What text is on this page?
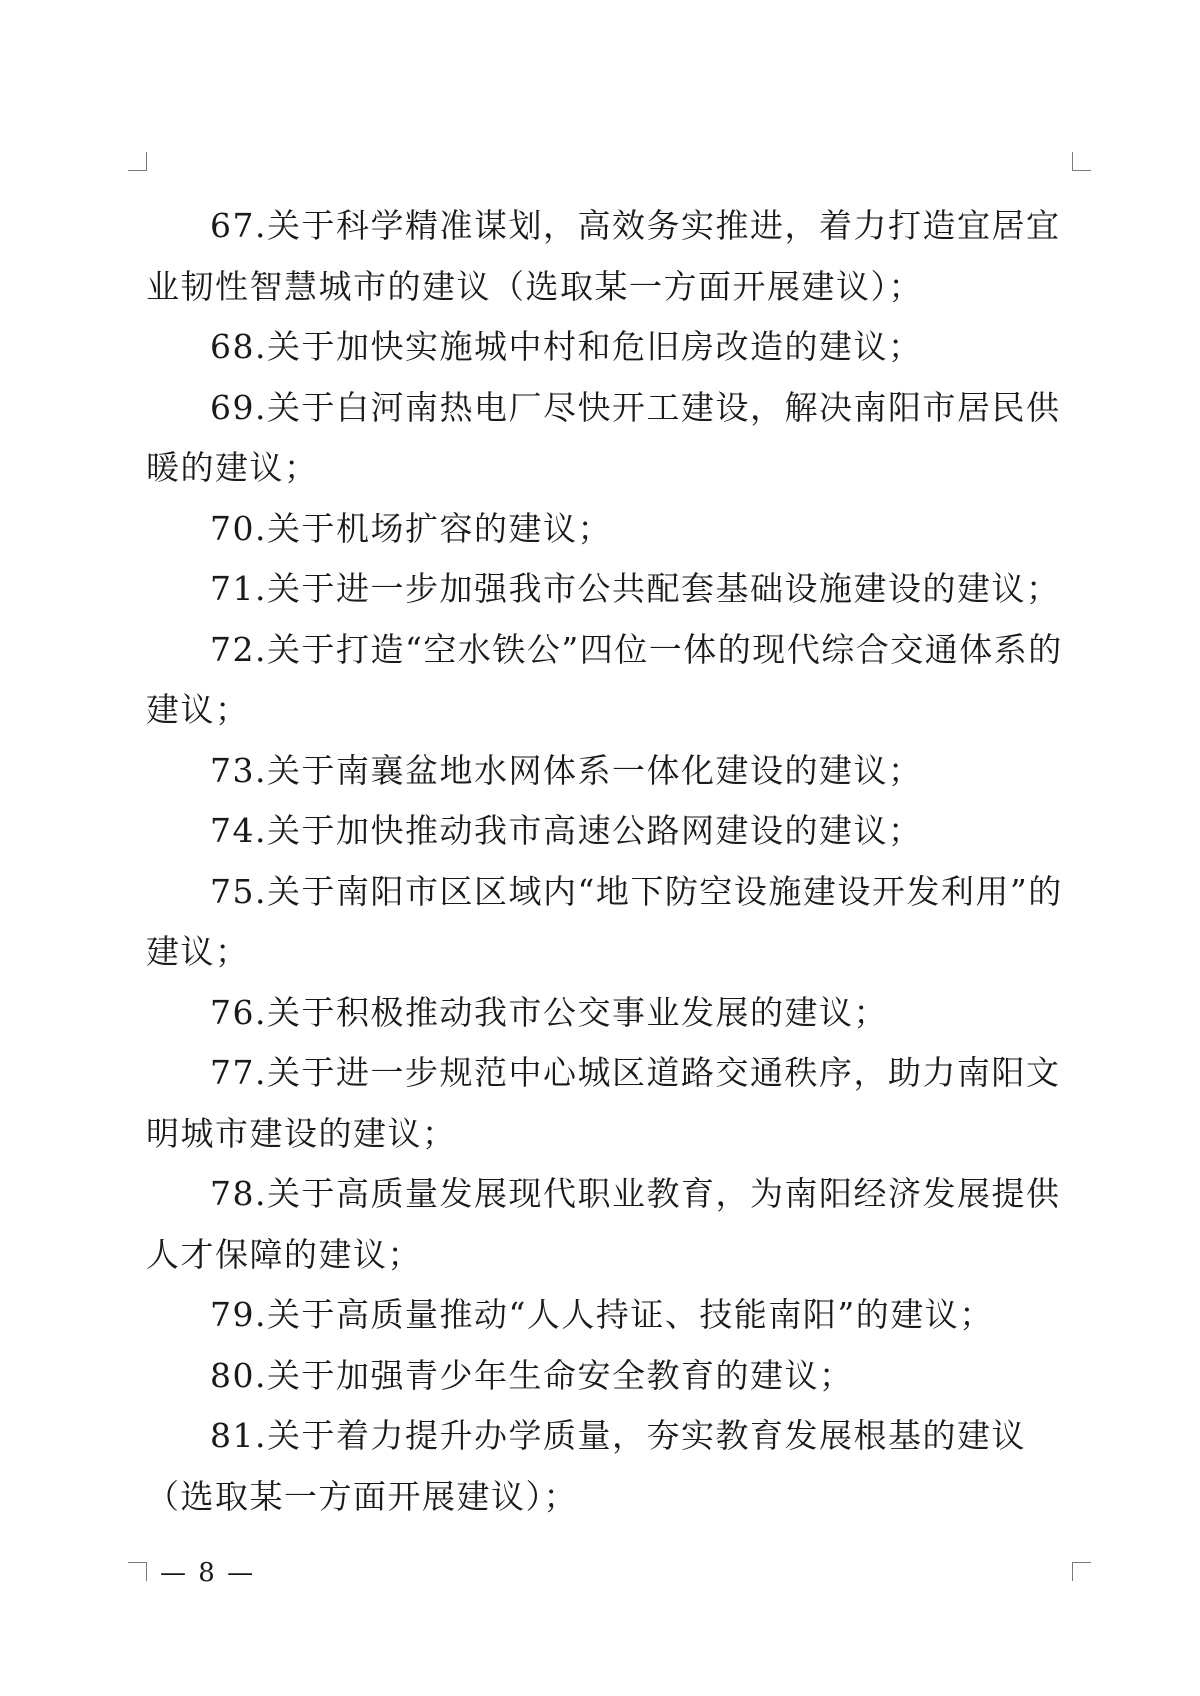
67.关于科学精准谋划，高效务实推进，着力打造宜居宜业韧性智慧城市的建议（选取某一方面开展建议）；

68.关于加快实施城中村和危旧房改造的建议；

69.关于白河南热电厂尽快开工建设，解决南阳市居民供暖的建议；

70.关于机场扩容的建议；

71.关于进一步加强我市公共配套基础设施建设的建议；

72.关于打造“空水铁公”四位一体的现代综合交通体系的建议；

73.关于南襄盆地水网体系一体化建设的建议；

74.关于加快推动我市高速公路网建设的建议；

75.关于南阳市区区域内“地下防空设施建设开发利用”的建议；

76.关于积极推动我市公交事业发展的建议；

77.关于进一步规范中心城区道路交通秩序，助力南阳文明城市建设的建议；

78.关于高质量发展现代职业教育，为南阳经济发展提供人才保障的建议；

79.关于高质量推动“人人持证、技能南阳”的建议；

80.关于加强青少年生命安全教育的建议；

81.关于着力提升办学质量，夯实教育发展根基的建议（选取某一方面开展建议）；

— 8 —
